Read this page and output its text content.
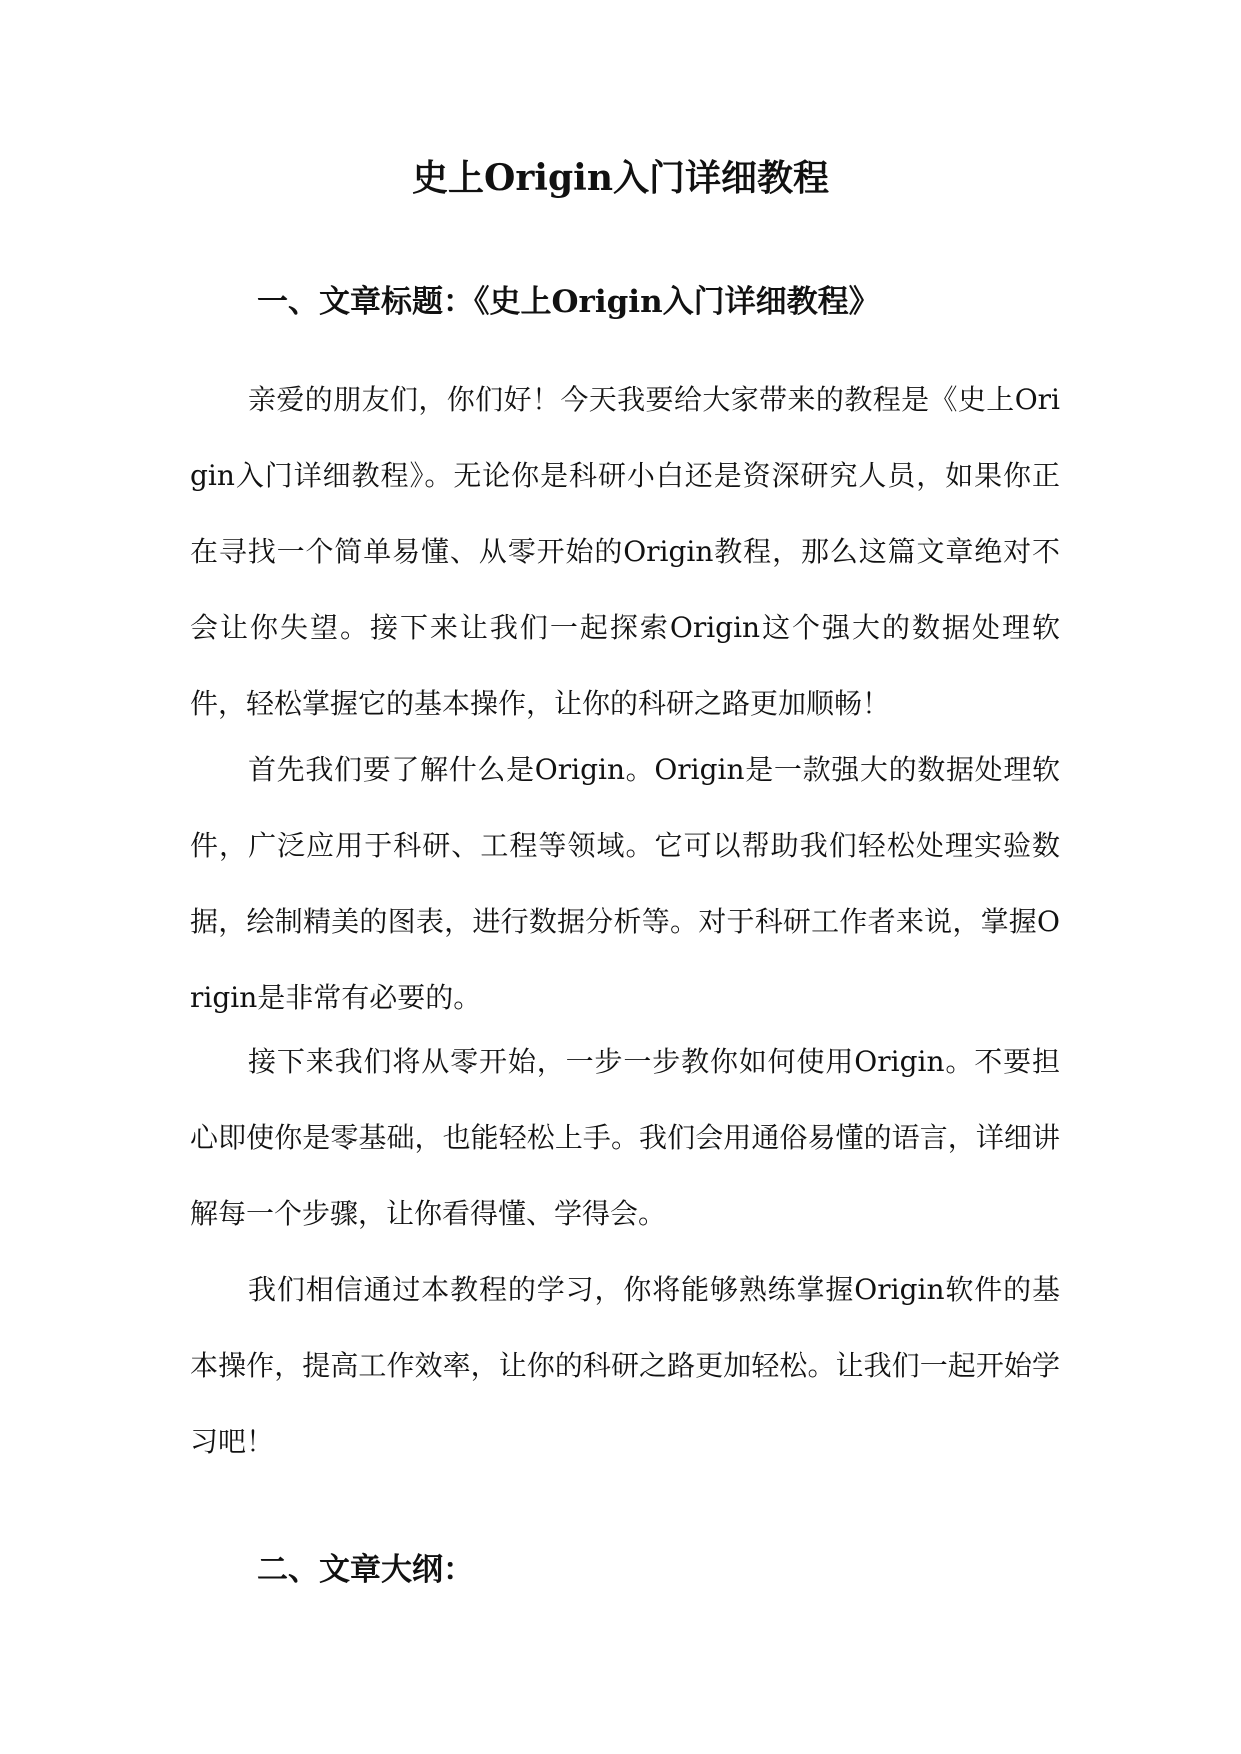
史上Origin入门详细教程
一、文章标题：《史上Origin入门详细教程》

亲爱的朋友们，你们好！今天我要给大家带来的教程是《史上Origin入门详细教程》。无论你是科研小白还是资深研究人员，如果你正在寻找一个简单易懂、从零开始的Origin教程，那么这篇文章绝对不会让你失望。接下来让我们一起探索Origin这个强大的数据处理软件，轻松掌握它的基本操作，让你的科研之路更加顺畅！

首先我们要了解什么是Origin。Origin是一款强大的数据处理软件，广泛应用于科研、工程等领域。它可以帮助我们轻松处理实验数据，绘制精美的图表，进行数据分析等。对于科研工作者来说，掌握Origin是非常有必要的。

接下来我们将从零开始，一步一步教你如何使用Origin。不要担心即使你是零基础，也能轻松上手。我们会用通俗易懂的语言，详细讲解每一个步骤，让你看得懂、学得会。

我们相信通过本教程的学习，你将能够熟练掌握Origin软件的基本操作，提高工作效率，让你的科研之路更加轻松。让我们一起开始学习吧！

二、文章大纲：
